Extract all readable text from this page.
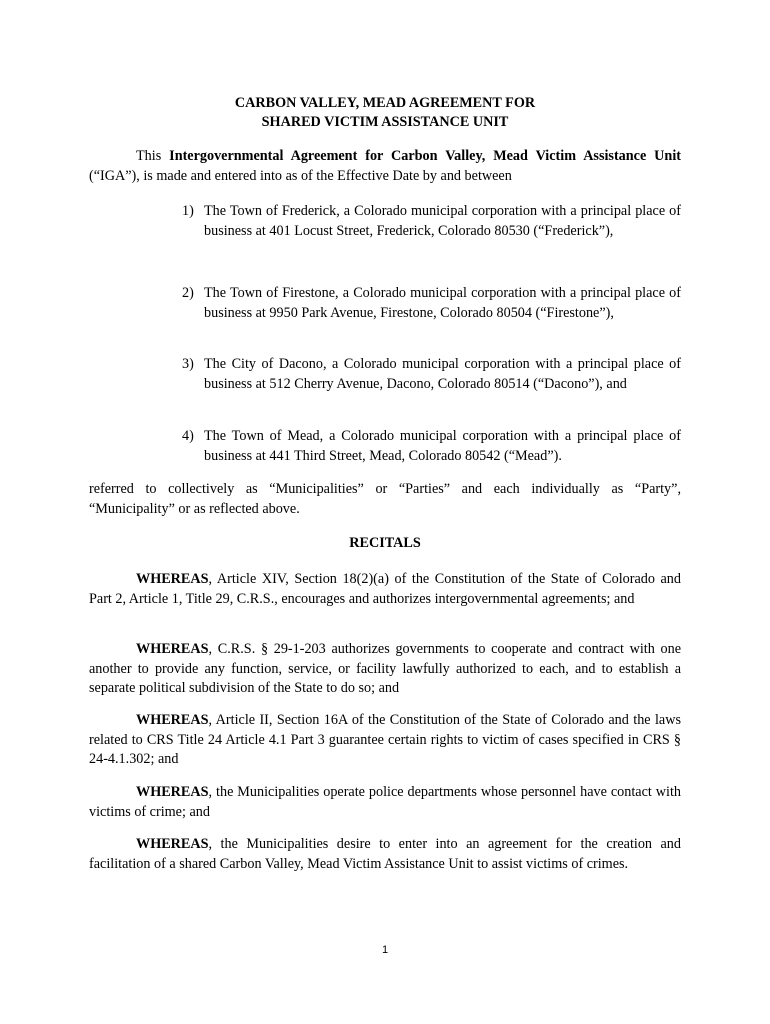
CARBON VALLEY, MEAD AGREEMENT FOR
SHARED VICTIM ASSISTANCE UNIT

This Intergovernmental Agreement for Carbon Valley, Mead Victim Assistance Unit (“IGA”), is made and entered into as of the Effective Date by and between

1) The Town of Frederick, a Colorado municipal corporation with a principal place of business at 401 Locust Street, Frederick, Colorado 80530 (“Frederick”),
2) The Town of Firestone, a Colorado municipal corporation with a principal place of business at 9950 Park Avenue, Firestone, Colorado 80504 (“Firestone”),
3) The City of Dacono, a Colorado municipal corporation with a principal place of business at 512 Cherry Avenue, Dacono, Colorado 80514 (“Dacono”), and
4) The Town of Mead, a Colorado municipal corporation with a principal place of business at 441 Third Street, Mead, Colorado 80542 (“Mead”).

referred to collectively as “Municipalities” or “Parties” and each individually as “Party”, “Municipality” or as reflected above.

RECITALS

WHEREAS, Article XIV, Section 18(2)(a) of the Constitution of the State of Colorado and Part 2, Article 1, Title 29, C.R.S., encourages and authorizes intergovernmental agreements; and

WHEREAS, C.R.S. § 29-1-203 authorizes governments to cooperate and contract with one another to provide any function, service, or facility lawfully authorized to each, and to establish a separate political subdivision of the State to do so; and

WHEREAS, Article II, Section 16A of the Constitution of the State of Colorado and the laws related to CRS Title 24 Article 4.1 Part 3 guarantee certain rights to victim of cases specified in CRS § 24-4.1.302; and

WHEREAS, the Municipalities operate police departments whose personnel have contact with victims of crime; and

WHEREAS, the Municipalities desire to enter into an agreement for the creation and facilitation of a shared Carbon Valley, Mead Victim Assistance Unit to assist victims of crimes.

1
